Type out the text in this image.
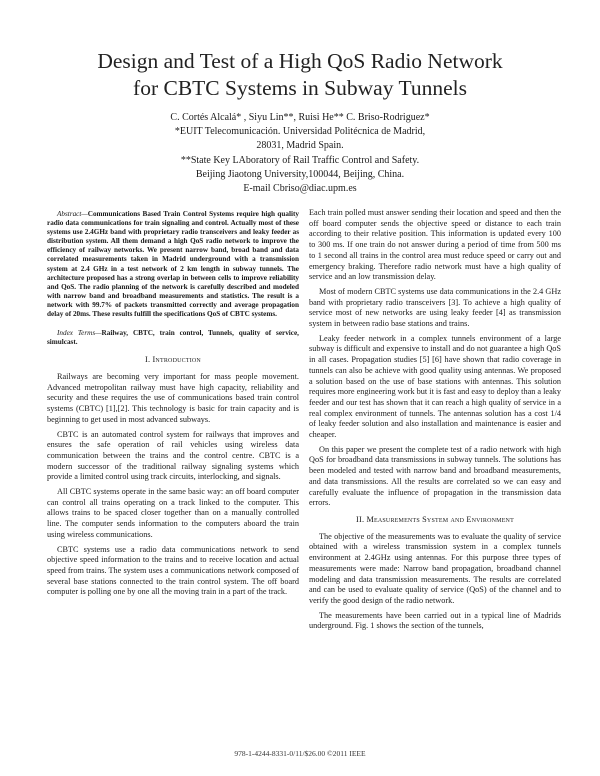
Design and Test of a High QoS Radio Network
for CBTC Systems in Subway Tunnels
C. Cortés Alcalá* , Siyu Lin**, Ruisi He** C. Briso-Rodriguez*
*EUIT Telecomunicación. Universidad Politécnica de Madrid,
28031, Madrid Spain.
**State Key LAboratory of Rail Traffic Control and Safety.
Beijing Jiaotong University,100044, Beijing, China.
E-mail Cbriso@diac.upm.es

Abstract—Communications Based Train Control Systems require high quality radio data communications for train signaling and control. Actually most of these systems use 2.4GHz band with proprietary radio transceivers and leaky feeder as distribution system. All them demand a high QoS radio network to improve the efficiency of railway networks. We present narrow band, broad band and data correlated measurements taken in Madrid underground with a transmission system at 2.4 GHz in a test network of 2 km length in subway tunnels. The architecture proposed has a strong overlap in between cells to improve reliability and QoS. The radio planning of the network is carefully described and modeled with narrow band and broadband measurements and statistics. The result is a network with 99.7% of packets transmitted correctly and average propagation delay of 20ms. These results fulfill the specifications QoS of CBTC systems.

Index Terms—Railway, CBTC, train control, Tunnels, quality of service, simulcast.

I. Introduction

Railways are becoming very important for mass people movement. Advanced metropolitan railway must have high capacity, reliability and security and these requires the use of communications based train control systems (CBTC) [1],[2]. This technology is basic for train capacity and is beginning to get used in most advanced subways.

CBTC is an automated control system for railways that improves and ensures the safe operation of rail vehicles using wireless data communication between the trains and the control centre. CBTC is a modern successor of the traditional railway signaling systems which provide a limited control using track circuits, interlocking, and signals.

All CBTC systems operate in the same basic way: an off board computer can control all trains operating on a track linked to the computer. This allows trains to be spaced closer together than on a manually controlled line. The computer sends information to the computers aboard the train using wireless communications.

CBTC systems use a radio data communications network to send objective speed information to the trains and to receive location and actual speed from trains. The system uses a communications network composed of several base stations connected to the train control system. The off board computer is polling one by one all the moving train in a part of the track.

Each train polled must answer sending their location and speed and then the off board computer sends the objective speed or distance to each train according to their relative position. This information is updated every 100 to 300 ms. If one train do not answer during a period of time from 500 ms to 1 second all trains in the control area must reduce speed or carry out and emergency braking. Therefore radio network must have a high quality of service and an low transmission delay.

Most of modern CBTC systems use data communications in the 2.4 GHz band with proprietary radio transceivers [3]. To achieve a high quality of service most of new networks are using leaky feeder [4] as transmission system in between radio base stations and trains.

Leaky feeder network in a complex tunnels environment of a large subway is difficult and expensive to install and do not guarantee a high QoS in all cases. Propagation studies [5] [6] have shown that radio coverage in tunnels can also be achieve with good quality using antennas. We proposed a solution based on the use of base stations with antennas. This solution requires more engineering work but it is fast and easy to deploy than a leaky feeder and our test has shown that it can reach a high quality of service in a real complex environment of tunnels. The antennas solution has a cost 1/4 of leaky feeder solution and also installation and maintenance is easier and cheaper.

On this paper we present the complete test of a radio network with high QoS for broadband data transmissions in subway tunnels. The solutions has been modeled and tested with narrow band and broadband measurements, and data transmissions. All the results are correlated so we can easy and carefully evaluate the influence of propagation in the transmission data errors.

II. Measurements System and Environment

The objective of the measurements was to evaluate the quality of service obtained with a wireless transmission system in a complex tunnels environment at 2.4GHz using antennas. For this purpose three types of measurements were made: Narrow band propagation, broadband channel modeling and data transmission measurements. The results are correlated and can be used to evaluate quality of service (QoS) of the channel and to verify the good design of the radio network.

The measurements have been carried out in a typical line of Madrids underground. Fig. 1 shows the section of the tunnels,

978-1-4244-8331-0/11/$26.00 ©2011 IEEE
